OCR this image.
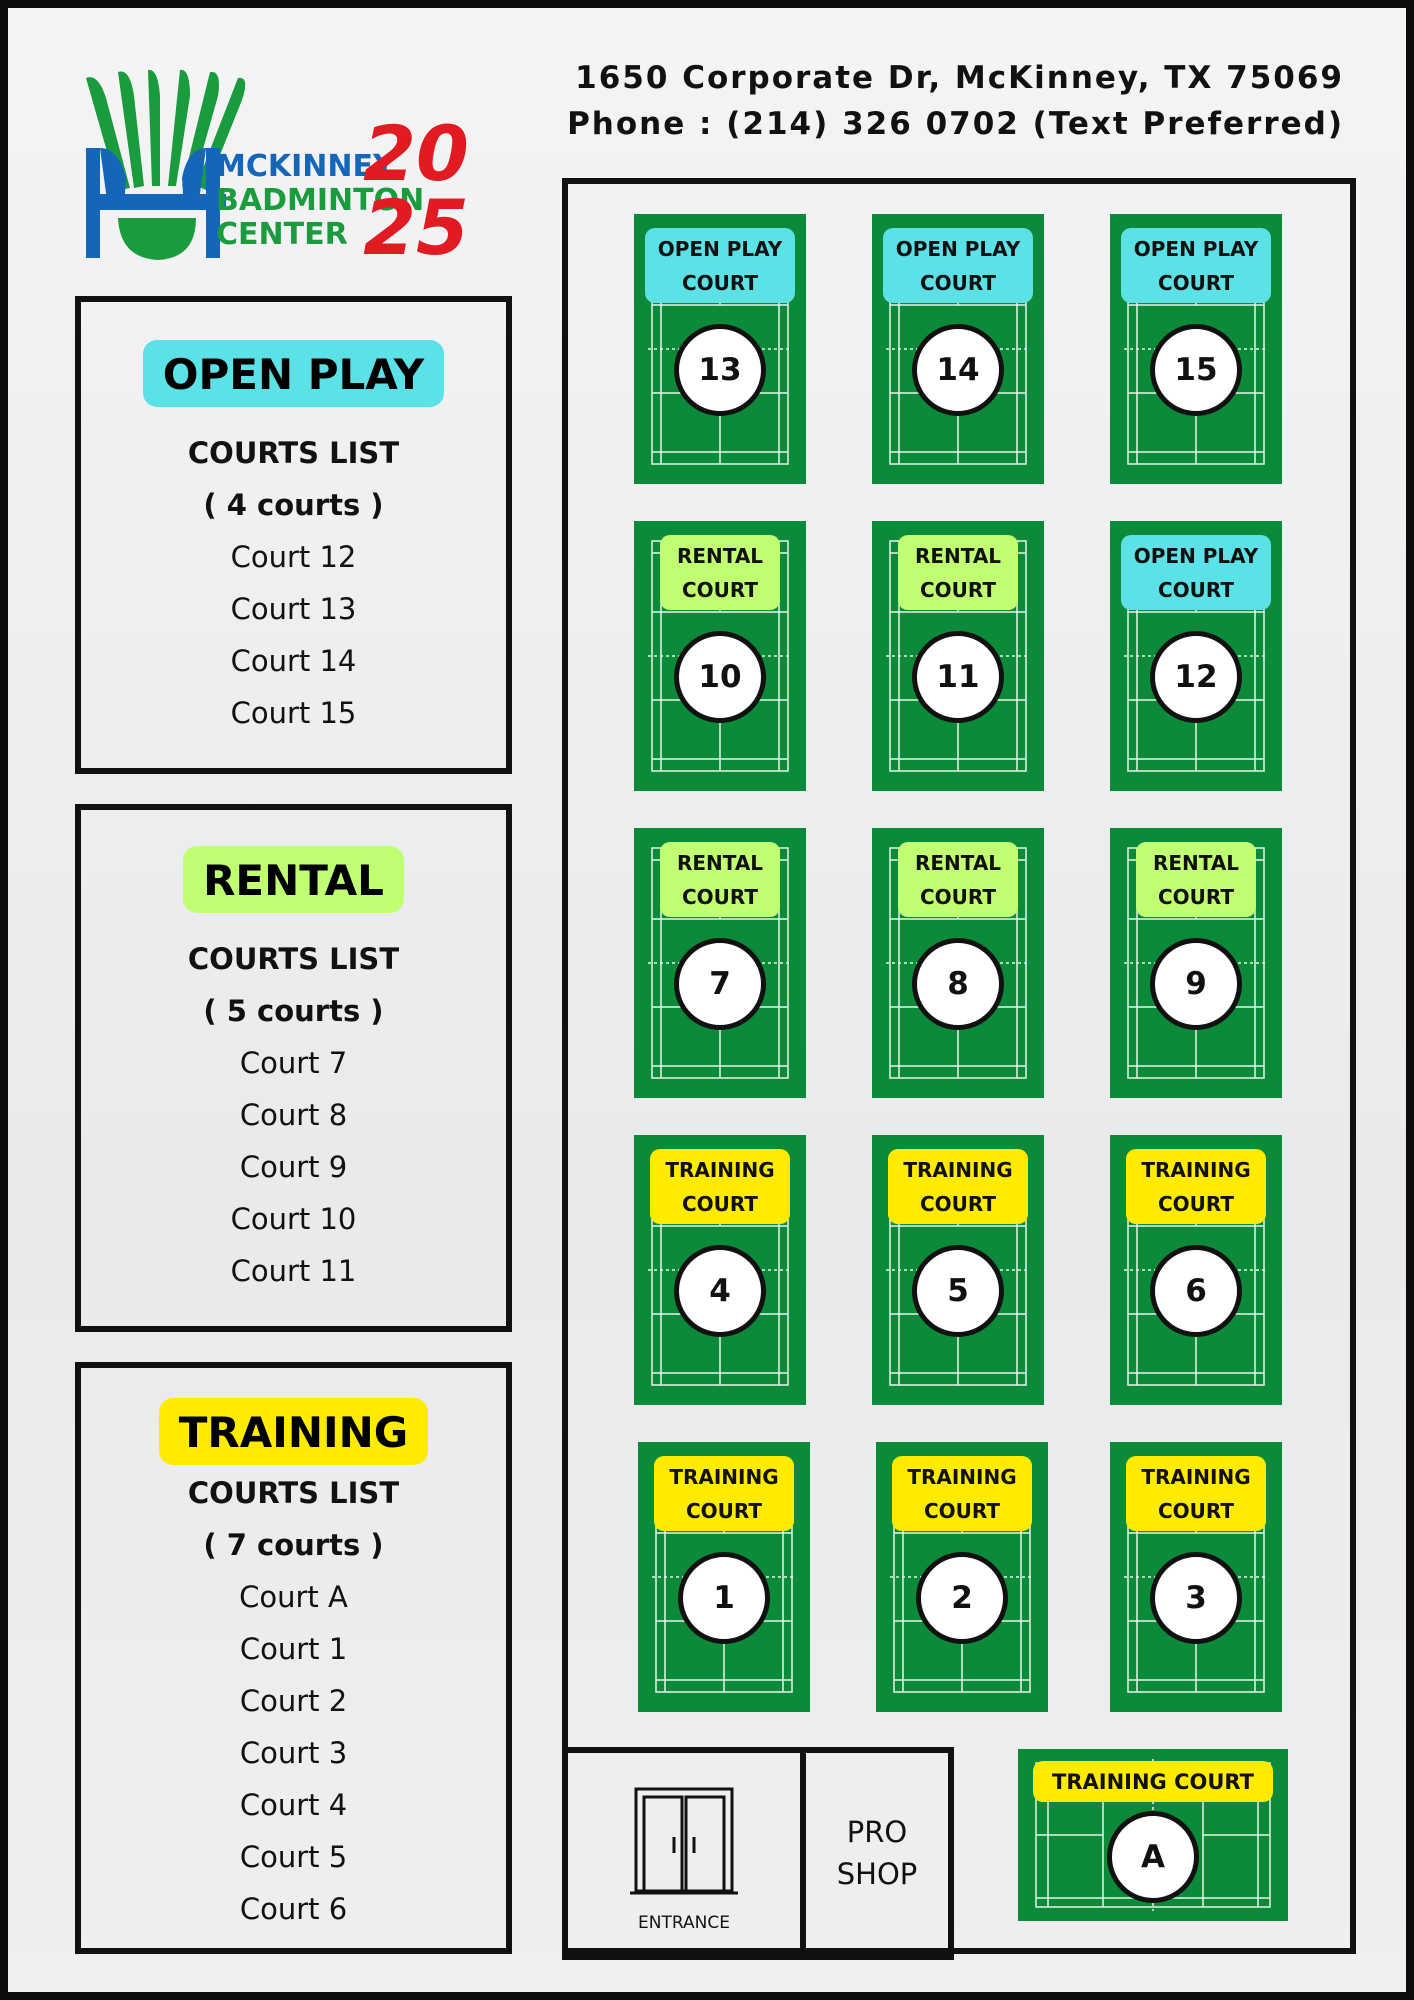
MCKINNEY
BADMINTON
CENTER
20
25
1650 Corporate Dr, McKinney, TX 75069
Phone : (214) 326 0702 (Text Preferred)
OPEN PLAY
COURTS LIST
( 4 courts )
Court 12
Court 13
Court 14
Court 15
RENTAL
COURTS LIST
( 5 courts )
Court 7
Court 8
Court 9
Court 10
Court 11
TRAINING
COURTS LIST
( 7 courts )
Court A
Court 1
Court 2
Court 3
Court 4
Court 5
Court 6
OPEN PLAY
COURT
13
OPEN PLAY
COURT
14
OPEN PLAY
COURT
15
RENTAL
COURT
10
RENTAL
COURT
11
OPEN PLAY
COURT
12
RENTAL
COURT
7
RENTAL
COURT
8
RENTAL
COURT
9
TRAINING
COURT
4
TRAINING
COURT
5
TRAINING
COURT
6
TRAINING
COURT
1
TRAINING
COURT
2
TRAINING
COURT
3
ENTRANCE
PRO
SHOP
TRAINING COURT
A
